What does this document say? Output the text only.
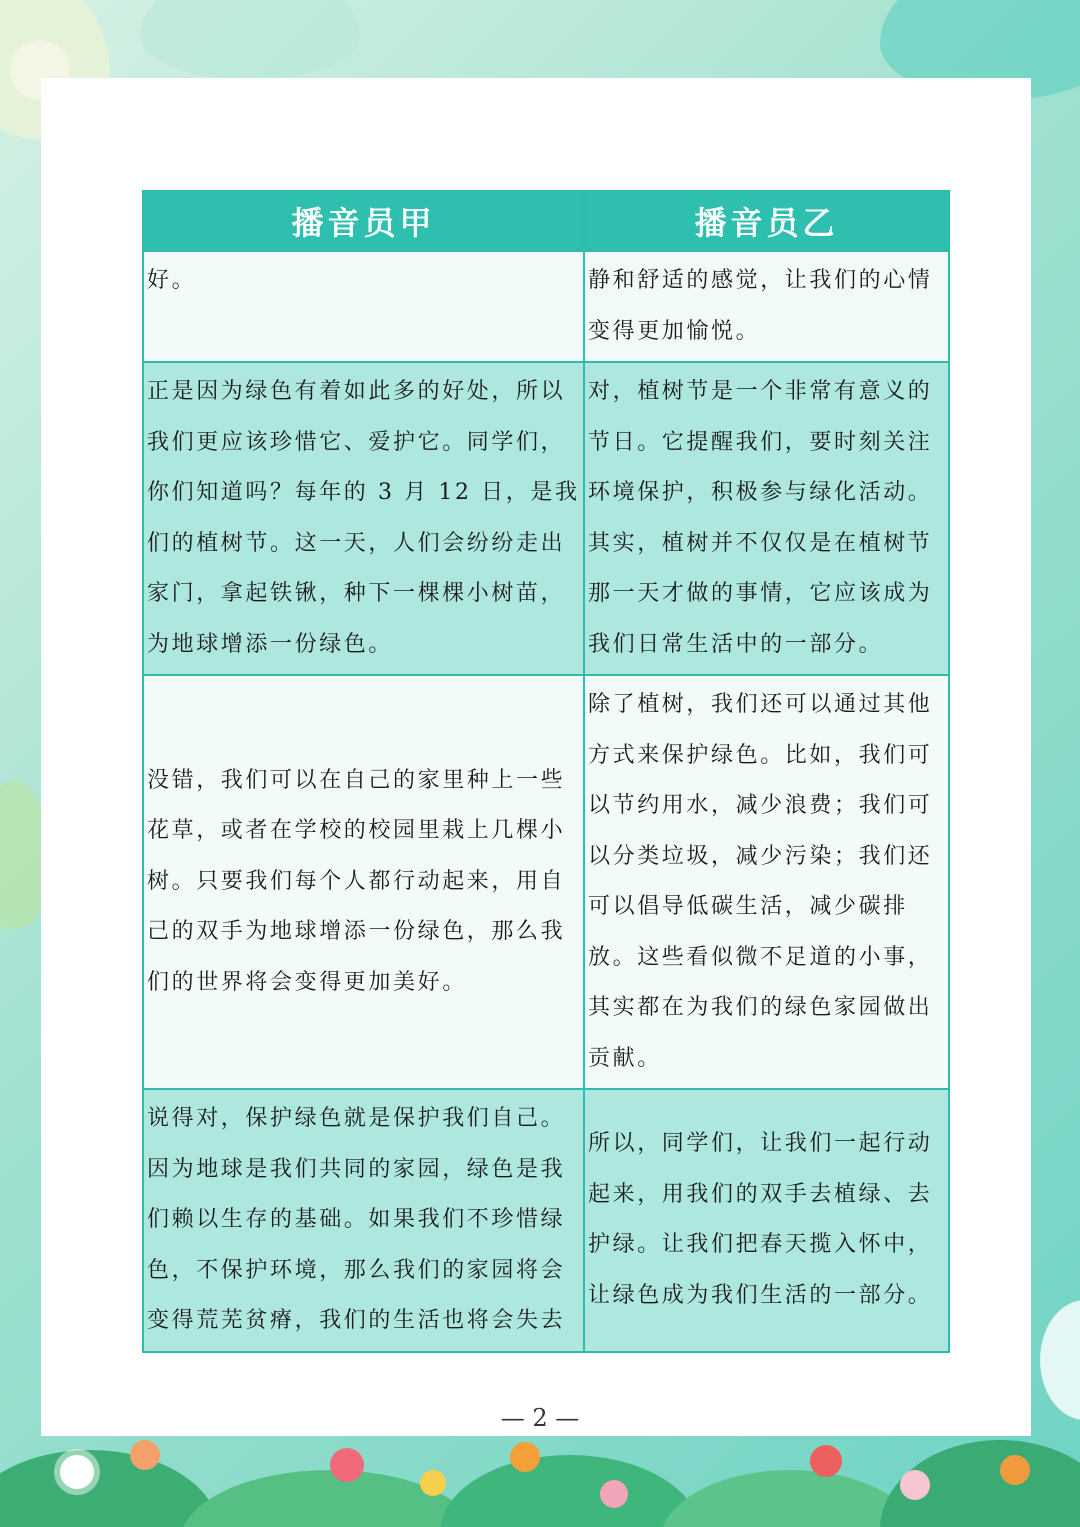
播音员甲	播音员乙
好。	静和舒适的感觉，让我们的心情变得更加愉悦。
正是因为绿色有着如此多的好处，所以我们更应该珍惜它、爱护它。同学们，你们知道吗？每年的 3 月 12 日，是我们的植树节。这一天，人们会纷纷走出家门，拿起铁锹，种下一棵棵小树苗，为地球增添一份绿色。	对，植树节是一个非常有意义的节日。它提醒我们，要时刻关注环境保护，积极参与绿化活动。其实，植树并不仅仅是在植树节那一天才做的事情，它应该成为我们日常生活中的一部分。
没错，我们可以在自己的家里种上一些花草，或者在学校的校园里栽上几棵小树。只要我们每个人都行动起来，用自己的双手为地球增添一份绿色，那么我们的世界将会变得更加美好。	除了植树，我们还可以通过其他方式来保护绿色。比如，我们可以节约用水，减少浪费；我们可以分类垃圾，减少污染；我们还可以倡导低碳生活，减少碳排放。这些看似微不足道的小事，其实都在为我们的绿色家园做出贡献。
说得对，保护绿色就是保护我们自己。因为地球是我们共同的家园，绿色是我们赖以生存的基础。如果我们不珍惜绿色，不保护环境，那么我们的家园将会变得荒芜贫瘠，我们的生活也将会失去	所以，同学们，让我们一起行动起来，用我们的双手去植绿、去护绿。让我们把春天揽入怀中，让绿色成为我们生活的一部分。
— 2 —
